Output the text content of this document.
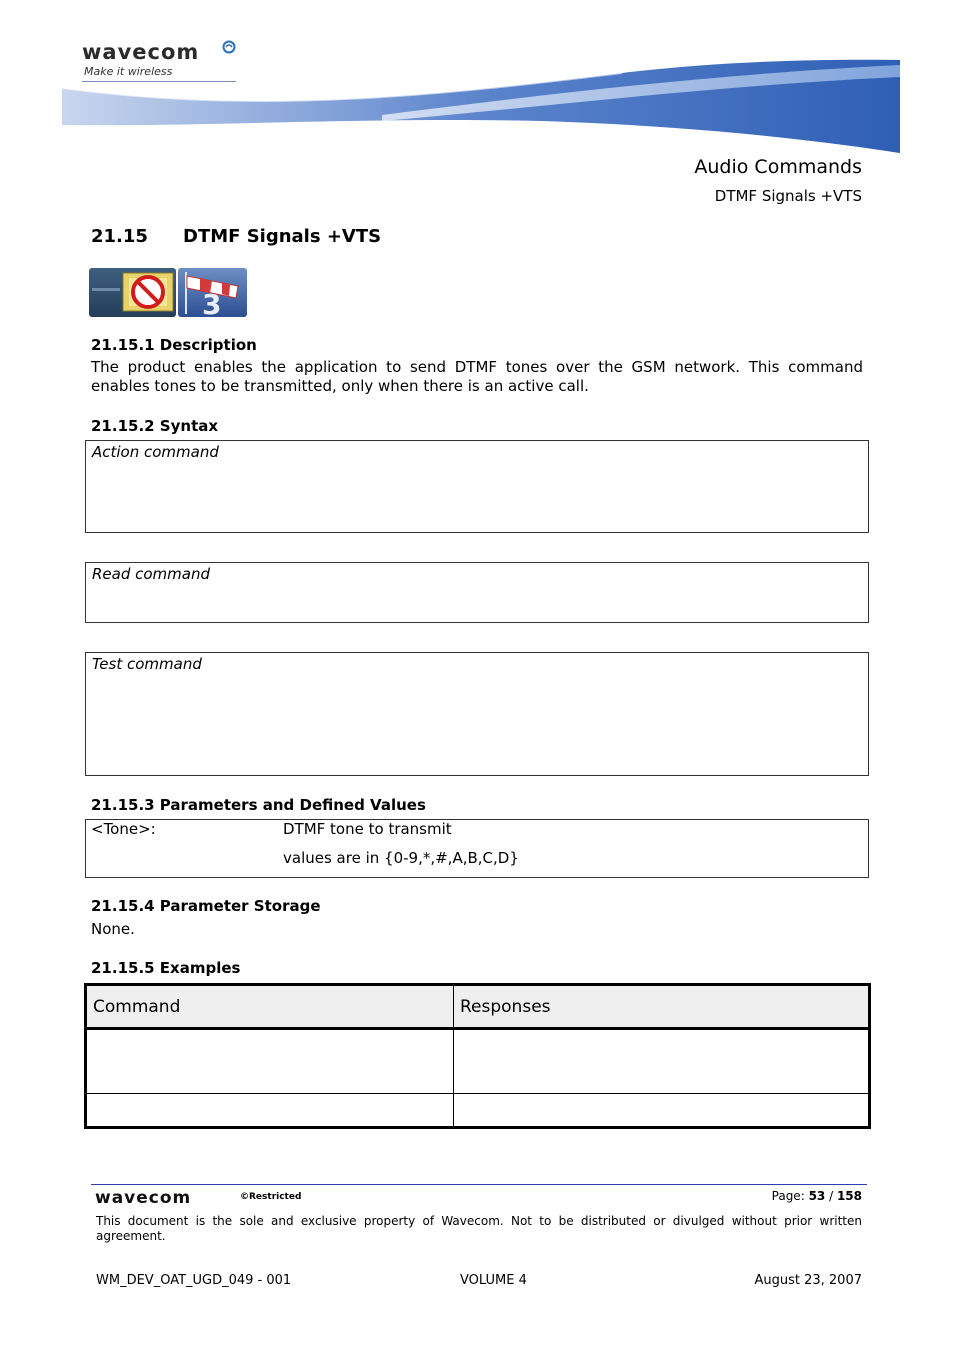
wavecom
Make it wireless
Audio Commands
DTMF Signals +VTS
21.15 DTMF Signals +VTS
3
21.15.1 Description
The product enables the application to send DTMF tones over the GSM network. This command enables tones to be transmitted, only when there is an active call.
21.15.2 Syntax
Action command
Read command
Test command
21.15.3 Parameters and Defined Values
<Tone>:	DTMF tone to transmit
values are in {0-9,*,#,A,B,C,D}
21.15.4 Parameter Storage
None.
21.15.5 Examples
Command	Responses

wavecom	©Restricted	Page: 53 / 158
This document is the sole and exclusive property of Wavecom. Not to be distributed or divulged without prior written agreement.
WM_DEV_OAT_UGD_049 - 001	VOLUME 4	August 23, 2007
